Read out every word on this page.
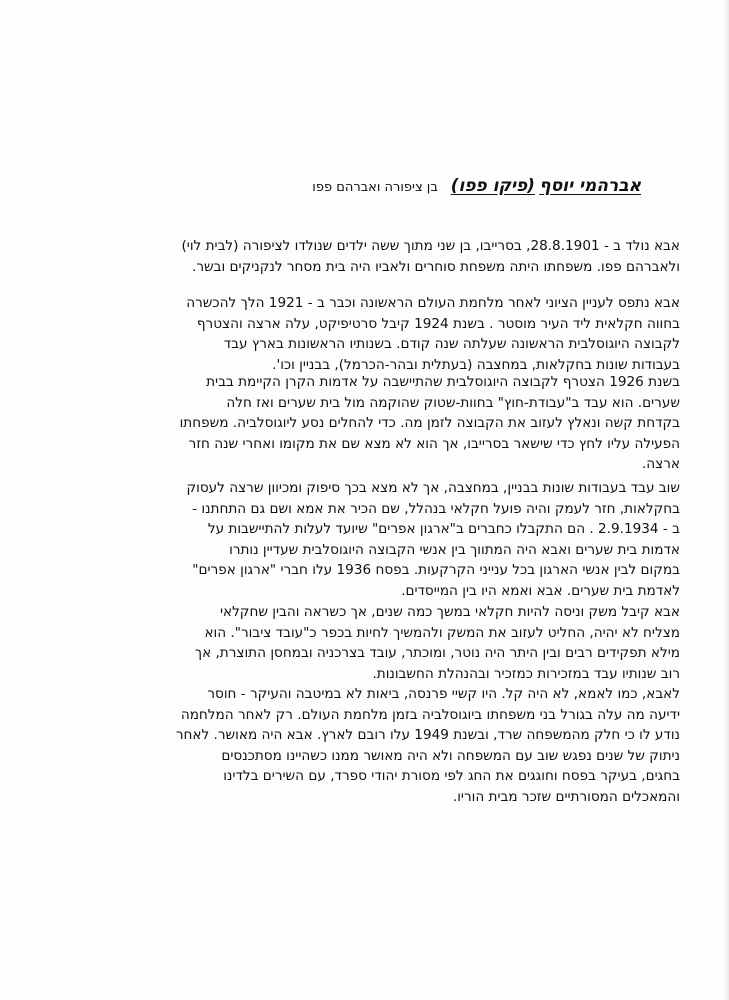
אברהמי יוסף (פיקו פפו)   בן ציפורה ואברהם פפו
אבא נולד ב - 28.8.1901, בסרייבו, בן שני מתוך ששה ילדים שנולדו לציפורה (לבית לוי)
ולאברהם פפו. משפחתו היתה משפחת סוחרים ולאביו היה בית מסחר לנקניקים ובשר.
אבא נתפס לעניין הציוני לאחר מלחמת העולם הראשונה וכבר ב - 1921 הלך להכשרה
בחווה חקלאית ליד העיר מוסטר . בשנת 1924 קיבל סרטיפיקט, עלה ארצה והצטרף
לקבוצה היוגוסלבית הראשונה שעלתה שנה קודם. בשנותיו הראשונות בארץ עבד
בעבודות שונות בחקלאות, במחצבה (בעתלית ובהר-הכרמל), בבניין וכו'.
בשנת 1926 הצטרף לקבוצה היוגוסלבית שהתיישבה על אדמות הקרן הקיימת בבית
שערים. הוא עבד ב"עבודת-חוץ" בחוות-שטוק שהוקמה מול בית שערים ואז חלה
בקדחת קשה ונאלץ לעזוב את הקבוצה לזמן מה. כדי להחלים נסע ליוגוסלביה. משפחתו
הפעילה עליו לחץ כדי שישאר בסרייבו, אך הוא לא מצא שם את מקומו ואחרי שנה חזר
ארצה.
שוב עבד בעבודות שונות בבניין, במחצבה, אך לא מצא בכך סיפוק ומכיוון שרצה לעסוק
בחקלאות, חזר לעמק והיה פועל חקלאי בנהלל, שם הכיר את אמא ושם גם התחתנו -
ב - 2.9.1934 . הם התקבלו כחברים ב"ארגון אפרים" שיועד לעלות להתיישבות על
אדמות בית שערים ואבא היה המתווך בין אנשי הקבוצה היוגוסלבית שעדיין נותרו
במקום לבין אנשי הארגון בכל ענייני הקרקעות. בפסח 1936 עלו חברי "ארגון אפרים"
לאדמת בית שערים. אבא ואמא היו בין המייסדים.
אבא קיבל משק וניסה להיות חקלאי במשך כמה שנים, אך כשראה והבין שחקלאי
מצליח לא יהיה, החליט לעזוב את המשק ולהמשיך לחיות בכפר כ"עובד ציבור". הוא
מילא תפקידים רבים ובין היתר היה נוטר, ומוכתר, עובד בצרכניה ובמחסן התוצרת, אך
רוב שנותיו עבד במזכירות כמזכיר ובהנהלת החשבונות.
לאבא, כמו לאמא, לא היה קל. היו קשיי פרנסה, ביאות לא במיטבה והעיקר - חוסר
ידיעה מה עלה בגורל בני משפחתו ביוגוסלביה בזמן מלחמת העולם. רק לאחר המלחמה
נודע לו כי חלק מהמשפחה שרד, ובשנת 1949 עלו רובם לארץ. אבא היה מאושר. לאחר
ניתוק של שנים נפגש שוב עם המשפחה ולא היה מאושר ממנו כשהיינו מסתכנסים
בחגים, בעיקר בפסח וחוגגים את החג לפי מסורת יהודי ספרד, עם השירים בלדינו
והמאכלים המסורתיים שזכר מבית הוריו.
